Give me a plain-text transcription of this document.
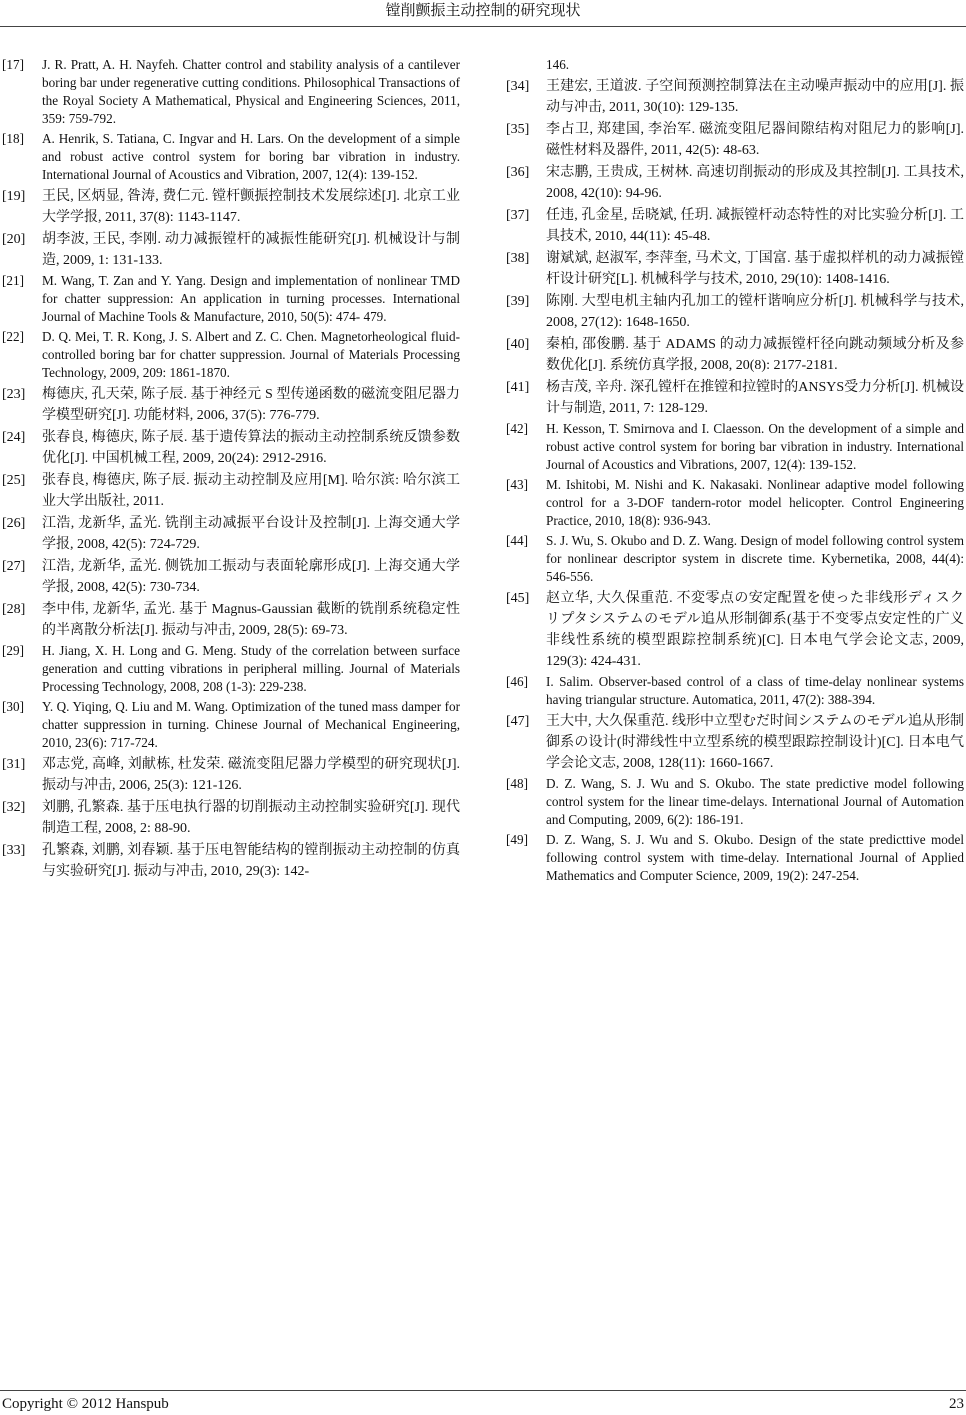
镗削颤振主动控制的研究现状
[17] J. R. Pratt, A. H. Nayfeh. Chatter control and stability analysis of a cantilever boring bar under regenerative cutting conditions. Philosophical Transactions of the Royal Society A Mathematical, Physical and Engineering Sciences, 2011, 359: 759-792.
[18] A. Henrik, S. Tatiana, C. Ingvar and H. Lars. On the development of a simple and robust active control system for boring bar vibration in industry. International Journal of Acoustics and Vibration, 2007, 12(4): 139-152.
[19] 王民, 区炳显, 昝涛, 费仁元. 镗杆颤振控制技术发展综述[J]. 北京工业大学学报, 2011, 37(8): 1143-1147.
[20] 胡李波, 王民, 李刚. 动力减振镗杆的减振性能研究[J]. 机械设计与制造, 2009, 1: 131-133.
[21] M. Wang, T. Zan and Y. Yang. Design and implementation of nonlinear TMD for chatter suppression: An application in turning processes. International Journal of Machine Tools & Manufacture, 2010, 50(5): 474- 479.
[22] D. Q. Mei, T. R. Kong, J. S. Albert and Z. C. Chen. Magnetorheological fluid-controlled boring bar for chatter suppression. Journal of Materials Processing Technology, 2009, 209: 1861-1870.
[23] 梅德庆, 孔天荣, 陈子辰. 基于神经元 S 型传递函数的磁流变阻尼器力学模型研究[J]. 功能材料, 2006, 37(5): 776-779.
[24] 张春良, 梅德庆, 陈子辰. 基于遗传算法的振动主动控制系统反馈参数优化[J]. 中国机械工程, 2009, 20(24): 2912-2916.
[25] 张春良, 梅德庆, 陈子辰. 振动主动控制及应用[M]. 哈尔滨: 哈尔滨工业大学出版社, 2011.
[26] 江浩, 龙新华, 孟光. 铣削主动减振平台设计及控制[J]. 上海交通大学学报, 2008, 42(5): 724-729.
[27] 江浩, 龙新华, 孟光. 侧铣加工振动与表面轮廓形成[J]. 上海交通大学学报, 2008, 42(5): 730-734.
[28] 李中伟, 龙新华, 孟光. 基于 Magnus-Gaussian 截断的铣削系统稳定性的半离散分析法[J]. 振动与冲击, 2009, 28(5): 69-73.
[29] H. Jiang, X. H. Long and G. Meng. Study of the correlation between surface generation and cutting vibrations in peripheral milling. Journal of Materials Processing Technology, 2008, 208 (1-3): 229-238.
[30] Y. Q. Yiqing, Q. Liu and M. Wang. Optimization of the tuned mass damper for chatter suppression in turning. Chinese Journal of Mechanical Engineering, 2010, 23(6): 717-724.
[31] 邓志党, 高峰, 刘献栋, 杜发荣. 磁流变阻尼器力学模型的研究现状[J]. 振动与冲击, 2006, 25(3): 121-126.
[32] 刘鹏, 孔繁森. 基于压电执行器的切削振动主动控制实验研究[J]. 现代制造工程, 2008, 2: 88-90.
[33] 孔繁森, 刘鹏, 刘春颖. 基于压电智能结构的镗削振动主动控制的仿真与实验研究[J]. 振动与冲击, 2010, 29(3): 142-
146.
[34] 王建宏, 王道波. 子空间预测控制算法在主动噪声振动中的应用[J]. 振动与冲击, 2011, 30(10): 129-135.
[35] 李占卫, 郑建国, 李治军. 磁流变阻尼器间隙结构对阻尼力的影响[J]. 磁性材料及器件, 2011, 42(5): 48-63.
[36] 宋志鹏, 王贵成, 王树林. 高速切削振动的形成及其控制[J]. 工具技术, 2008, 42(10): 94-96.
[37] 任违, 孔金星, 岳晓斌, 任玥. 减振镗杆动态特性的对比实验分析[J]. 工具技术, 2010, 44(11): 45-48.
[38] 谢斌斌, 赵淑军, 李萍奎, 马术文, 丁国富. 基于虚拟样机的动力减振镗杆设计研究[L]. 机械科学与技术, 2010, 29(10): 1408-1416.
[39] 陈刚. 大型电机主轴内孔加工的镗杆谐响应分析[J]. 机械科学与技术, 2008, 27(12): 1648-1650.
[40] 秦柏, 邵俊鹏. 基于 ADAMS 的动力减振镗杆径向跳动频域分析及参数优化[J]. 系统仿真学报, 2008, 20(8): 2177-2181.
[41] 杨吉茂, 辛舟. 深孔镗杆在推镗和拉镗时的ANSYS受力分析[J]. 机械设计与制造, 2011, 7: 128-129.
[42] H. Kesson, T. Smirnova and I. Claesson. On the development of a simple and robust active control system for boring bar vibration in industry. International Journal of Acoustics and Vibrations, 2007, 12(4): 139-152.
[43] M. Ishitobi, M. Nishi and K. Nakasaki. Nonlinear adaptive model following control for a 3-DOF tandern-rotor model helicopter. Control Engineering Practice, 2010, 18(8): 936-943.
[44] S. J. Wu, S. Okubo and D. Z. Wang. Design of model following control system for nonlinear descriptor system in discrete time. Kybernetika, 2008, 44(4): 546-556.
[45] 赵立华, 大久保重范. 不変零点の安定配置を使った非线形ディスクリプタシステムのモデル追从形制御系(基于不变零点安定性的广义非线性系统的模型跟踪控制系统)[C]. 日本电气学会论文志, 2009, 129(3): 424-431.
[46] I. Salim. Observer-based control of a class of time-delay nonlinear systems having triangular structure. Automatica, 2011, 47(2): 388-394.
[47] 王大中, 大久保重范. 线形中立型むだ时间システムのモデル追从形制御系の设计(时滞线性中立型系统的模型跟踪控制设计)[C]. 日本电气学会论文志, 2008, 128(11): 1660-1667.
[48] D. Z. Wang, S. J. Wu and S. Okubo. The state predictive model following control system for the linear time-delays. International Journal of Automation and Computing, 2009, 6(2): 186-191.
[49] D. Z. Wang, S. J. Wu and S. Okubo. Design of the state predicttive model following control system with time-delay. International Journal of Applied Mathematics and Computer Science, 2009, 19(2): 247-254.
Copyright © 2012 Hanspub	23
